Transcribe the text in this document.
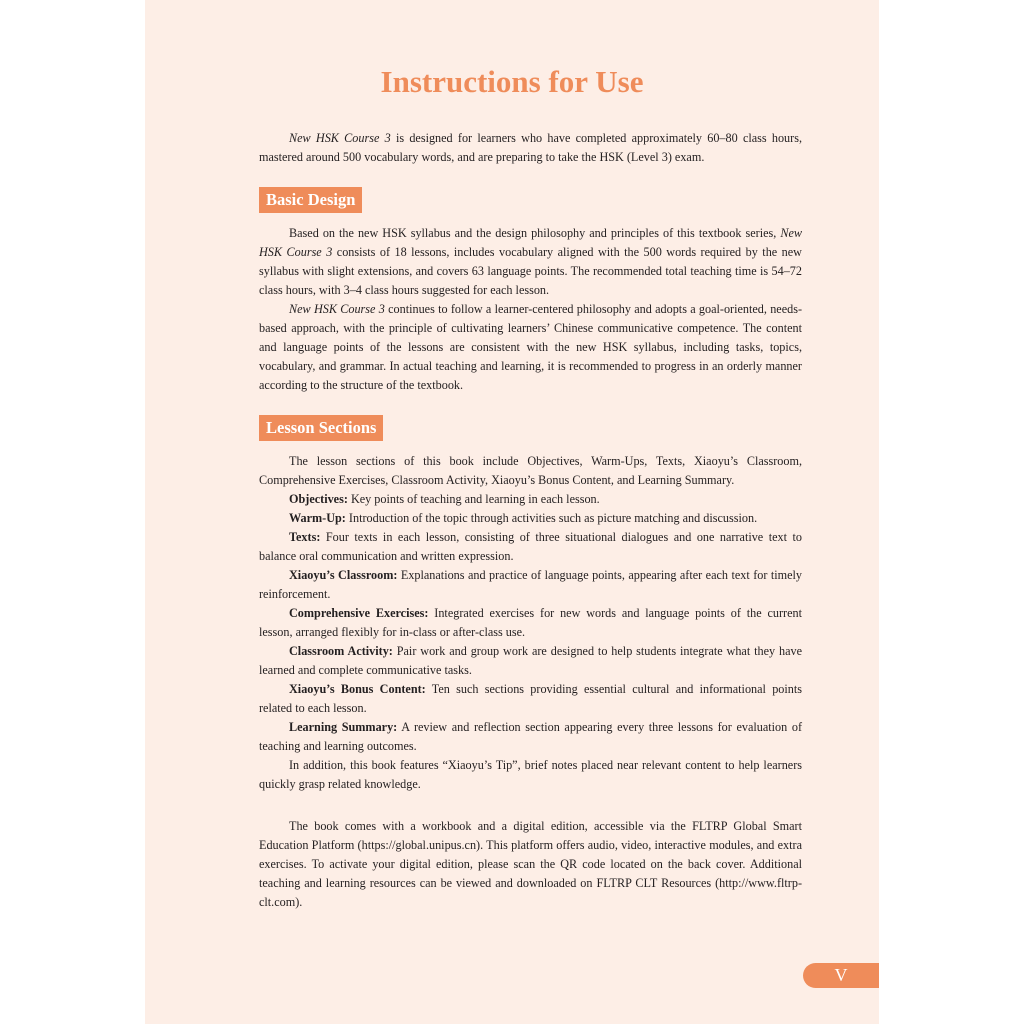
Instructions for Use

New HSK Course 3 is designed for learners who have completed approximately 60–80 class hours, mastered around 500 vocabulary words, and are preparing to take the HSK (Level 3) exam.

Basic Design

Based on the new HSK syllabus and the design philosophy and principles of this textbook series, New HSK Course 3 consists of 18 lessons, includes vocabulary aligned with the 500 words required by the new syllabus with slight extensions, and covers 63 language points. The recommended total teaching time is 54–72 class hours, with 3–4 class hours suggested for each lesson.

New HSK Course 3 continues to follow a learner-centered philosophy and adopts a goal-oriented, needs-based approach, with the principle of cultivating learners’ Chinese communicative competence. The content and language points of the lessons are consistent with the new HSK syllabus, including tasks, topics, vocabulary, and grammar. In actual teaching and learning, it is recommended to progress in an orderly manner according to the structure of the textbook.

Lesson Sections

The lesson sections of this book include Objectives, Warm-Ups, Texts, Xiaoyu’s Classroom, Comprehensive Exercises, Classroom Activity, Xiaoyu’s Bonus Content, and Learning Summary.

Objectives: Key points of teaching and learning in each lesson.

Warm-Up: Introduction of the topic through activities such as picture matching and discussion.

Texts: Four texts in each lesson, consisting of three situational dialogues and one narrative text to balance oral communication and written expression.

Xiaoyu’s Classroom: Explanations and practice of language points, appearing after each text for timely reinforcement.

Comprehensive Exercises: Integrated exercises for new words and language points of the current lesson, arranged flexibly for in-class or after-class use.

Classroom Activity: Pair work and group work are designed to help students integrate what they have learned and complete communicative tasks.

Xiaoyu’s Bonus Content: Ten such sections providing essential cultural and informational points related to each lesson.

Learning Summary: A review and reflection section appearing every three lessons for evaluation of teaching and learning outcomes.

In addition, this book features “Xiaoyu’s Tip”, brief notes placed near relevant content to help learners quickly grasp related knowledge.

The book comes with a workbook and a digital edition, accessible via the FLTRP Global Smart Education Platform (https://global.unipus.cn). This platform offers audio, video, interactive modules, and extra exercises. To activate your digital edition, please scan the QR code located on the back cover. Additional teaching and learning resources can be viewed and downloaded on FLTRP CLT Resources (http://www.fltrp-clt.com).

V
